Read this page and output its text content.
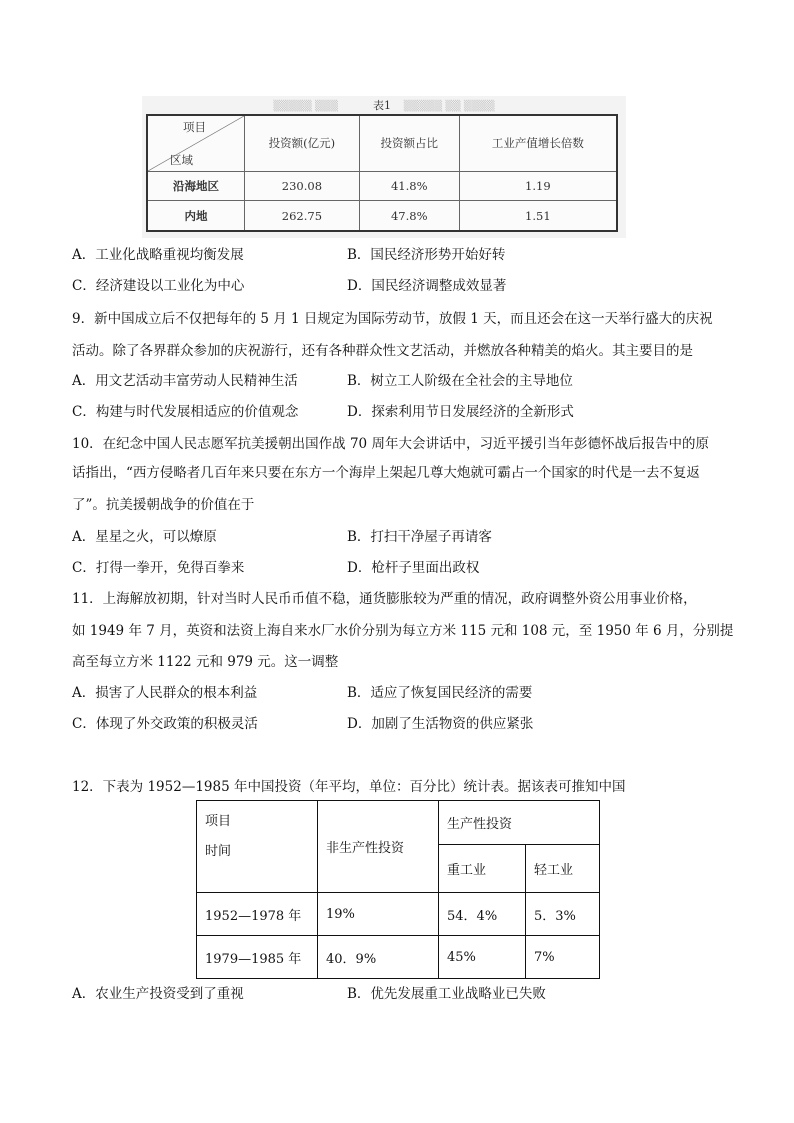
▒▒▒▒▒ ▒▒▒           表1    ▒▒▒▒▒ ▒▒ ▒▒▒▒
项目
区域	投资额(亿元)	投资额占比	工业产值增长倍数
沿海地区	230.08	41.8%	1.19
内地	262.75	47.8%	1.51
A．工业化战略重视均衡发展	B．国民经济形势开始好转
C．经济建设以工业化为中心	D．国民经济调整成效显著
9．新中国成立后不仅把每年的 5 月 1 日规定为国际劳动节，放假 1 天，而且还会在这一天举行盛大的庆祝
活动。除了各界群众参加的庆祝游行，还有各种群众性文艺活动，并燃放各种精美的焰火。其主要目的是
A．用文艺活动丰富劳动人民精神生活	B．树立工人阶级在全社会的主导地位
C．构建与时代发展相适应的价值观念	D．探索利用节日发展经济的全新形式
10．在纪念中国人民志愿军抗美援朝出国作战 70 周年大会讲话中，习近平援引当年彭德怀战后报告中的原
话指出，“西方侵略者几百年来只要在东方一个海岸上架起几尊大炮就可霸占一个国家的时代是一去不复返
了”。抗美援朝战争的价值在于
A．星星之火，可以燎原	B．打扫干净屋子再请客
C．打得一拳开，免得百拳来	D．枪杆子里面出政权
11．上海解放初期，针对当时人民币币值不稳，通货膨胀较为严重的情况，政府调整外资公用事业价格，
如 1949 年 7 月，英资和法资上海自来水厂水价分别为每立方米 115 元和 108 元，至 1950 年 6 月，分别提
高至每立方米 1122 元和 979 元。这一调整
A．损害了人民群众的根本利益	B．适应了恢复国民经济的需要
C．体现了外交政策的积极灵活	D．加剧了生活物资的供应紧张
12．下表为 1952—1985 年中国投资（年平均，单位：百分比）统计表。据该表可推知中国
项目
时间	非生产性投资	生产性投资	
		重工业	轻工业
1952—1978 年	19%	54．4%	5．3%
1979—1985 年	40．9%	45%	7%
A．农业生产投资受到了重视	B．优先发展重工业战略业已失败
